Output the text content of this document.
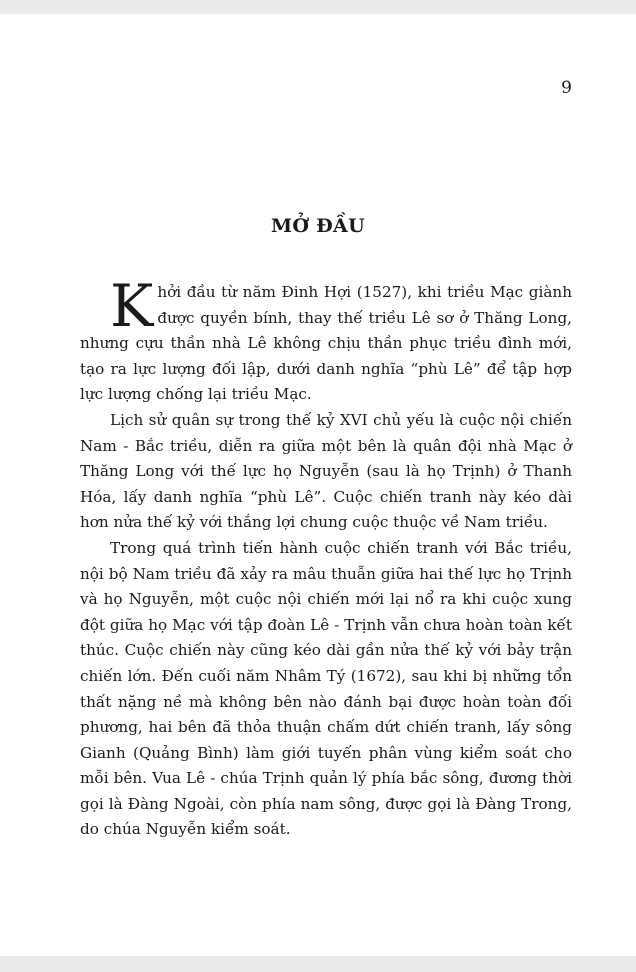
9
MỞ ĐẦU

Khởi đầu từ năm Đinh Hợi (1527), khi triều Mạc giành được quyền bính, thay thế triều Lê sơ ở Thăng Long, nhưng cựu thần nhà Lê không chịu thần phục triều đình mới, tạo ra lực lượng đối lập, dưới danh nghĩa “phù Lê” để tập hợp lực lượng chống lại triều Mạc.

Lịch sử quân sự trong thế kỷ XVI chủ yếu là cuộc nội chiến Nam - Bắc triều, diễn ra giữa một bên là quân đội nhà Mạc ở Thăng Long với thế lực họ Nguyễn (sau là họ Trịnh) ở Thanh Hóa, lấy danh nghĩa “phù Lê”. Cuộc chiến tranh này kéo dài hơn nửa thế kỷ với thắng lợi chung cuộc thuộc về Nam triều.

Trong quá trình tiến hành cuộc chiến tranh với Bắc triều, nội bộ Nam triều đã xảy ra mâu thuẫn giữa hai thế lực họ Trịnh và họ Nguyễn, một cuộc nội chiến mới lại nổ ra khi cuộc xung đột giữa họ Mạc với tập đoàn Lê - Trịnh vẫn chưa hoàn toàn kết thúc. Cuộc chiến này cũng kéo dài gần nửa thế kỷ với bảy trận chiến lớn. Đến cuối năm Nhâm Tý (1672), sau khi bị những tổn thất nặng nề mà không bên nào đánh bại được hoàn toàn đối phương, hai bên đã thỏa thuận chấm dứt chiến tranh, lấy sông Gianh (Quảng Bình) làm giới tuyến phân vùng kiểm soát cho mỗi bên. Vua Lê - chúa Trịnh quản lý phía bắc sông, đương thời gọi là Đàng Ngoài, còn phía nam sông, được gọi là Đàng Trong, do chúa Nguyễn kiểm soát.
